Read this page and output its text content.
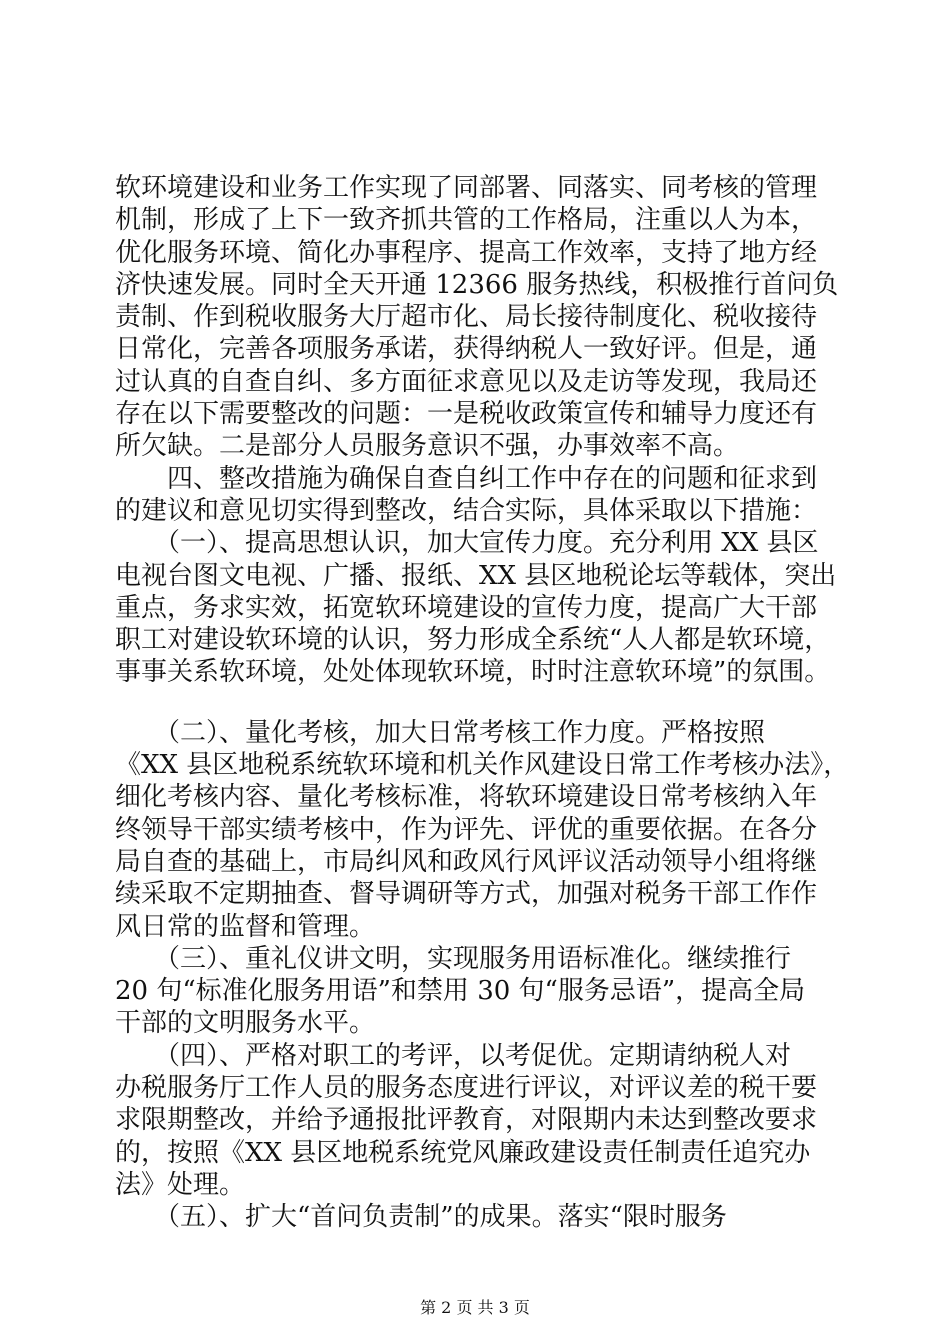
软环境建设和业务工作实现了同部署、同落实、同考核的管理
机制，形成了上下一致齐抓共管的工作格局，注重以人为本，
优化服务环境、简化办事程序、提高工作效率，支持了地方经
济快速发展。同时全天开通 12366 服务热线，积极推行首问负
责制、作到税收服务大厅超市化、局长接待制度化、税收接待
日常化，完善各项服务承诺，获得纳税人一致好评。但是，通
过认真的自查自纠、多方面征求意见以及走访等发现，我局还
存在以下需要整改的问题：一是税收政策宣传和辅导力度还有
所欠缺。二是部分人员服务意识不强，办事效率不高。
　　四、整改措施为确保自查自纠工作中存在的问题和征求到
的建议和意见切实得到整改，结合实际，具体采取以下措施：
　　（一）、提高思想认识，加大宣传力度。充分利用 XX 县区
电视台图文电视、广播、报纸、XX 县区地税论坛等载体，突出
重点，务求实效，拓宽软环境建设的宣传力度，提高广大干部
职工对建设软环境的认识，努力形成全系统“人人都是软环境，
事事关系软环境，处处体现软环境，时时注意软环境”的氛围。
　　（二）、量化考核，加大日常考核工作力度。严格按照
《XX 县区地税系统软环境和机关作风建设日常工作考核办法》，
细化考核内容、量化考核标准，将软环境建设日常考核纳入年
终领导干部实绩考核中，作为评先、评优的重要依据。在各分
局自查的基础上，市局纠风和政风行风评议活动领导小组将继
续采取不定期抽查、督导调研等方式，加强对税务干部工作作
风日常的监督和管理。
　　（三）、重礼仪讲文明，实现服务用语标准化。继续推行
20 句“标准化服务用语”和禁用 30 句“服务忌语”，提高全局
干部的文明服务水平。
　　（四）、严格对职工的考评，以考促优。定期请纳税人对
办税服务厅工作人员的服务态度进行评议，对评议差的税干要
求限期整改，并给予通报批评教育，对限期内未达到整改要求
的，按照《XX 县区地税系统党风廉政建设责任制责任追究办
法》处理。
　　（五）、扩大“首问负责制”的成果。落实“限时服务
第 2 页 共 3 页
